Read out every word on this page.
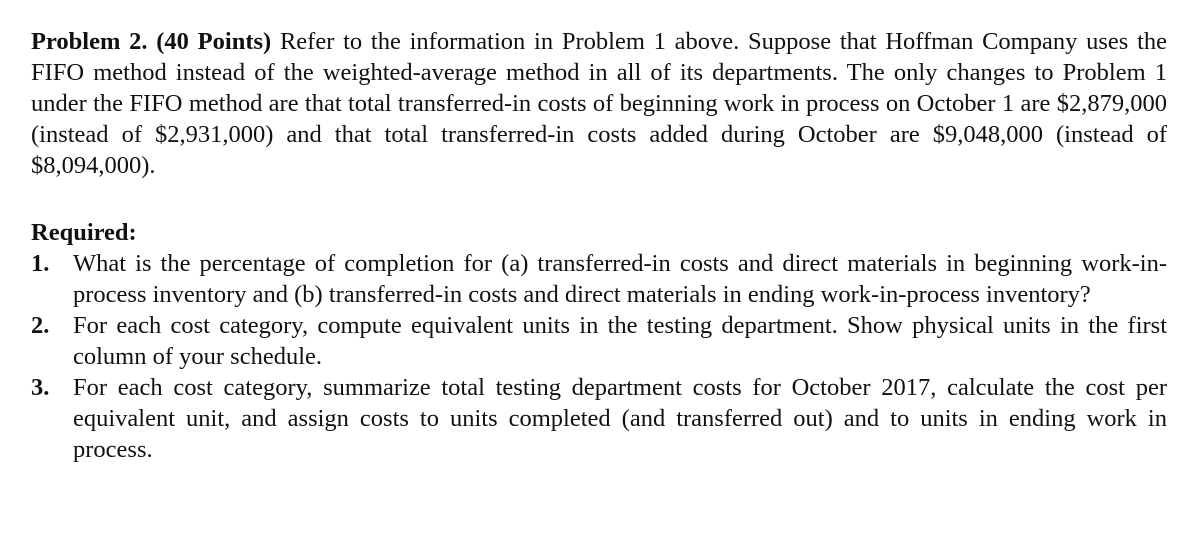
Problem 2. (40 Points) Refer to the information in Problem 1 above. Suppose that Hoffman Company uses the FIFO method instead of the weighted-average method in all of its departments. The only changes to Problem 1 under the FIFO method are that total transferred-in costs of beginning work in process on October 1 are $2,879,000 (instead of $2,931,000) and that total transferred-in costs added during October are $9,048,000 (instead of $8,094,000).

Required:
1. What is the percentage of completion for (a) transferred-in costs and direct materials in beginning work-in-process inventory and (b) transferred-in costs and direct materials in ending work-in-process inventory?
2. For each cost category, compute equivalent units in the testing department. Show physical units in the first column of your schedule.
3. For each cost category, summarize total testing department costs for October 2017, calculate the cost per equivalent unit, and assign costs to units completed (and transferred out) and to units in ending work in process.
